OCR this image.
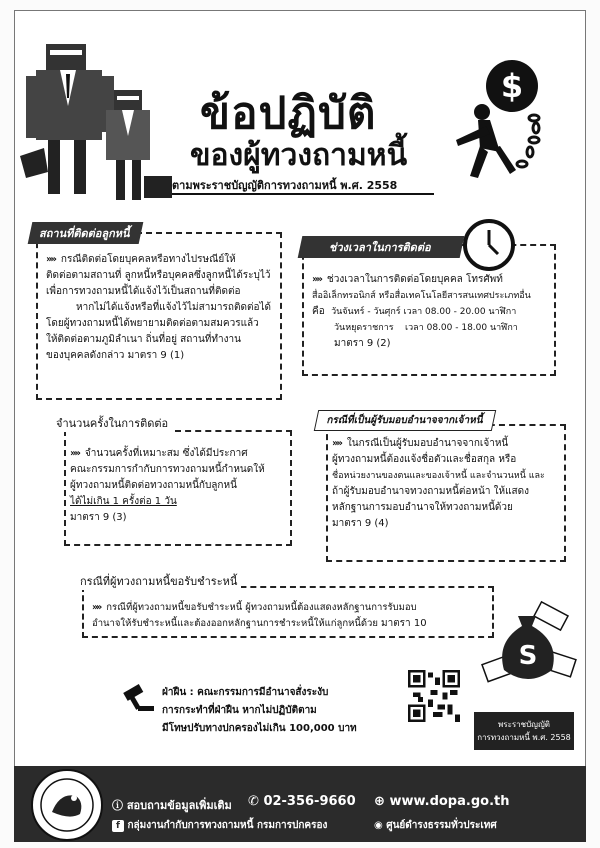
ข้อปฏิบัติ
ของผู้ทวงถามหนี้
ตามพระราชบัญญัติการทวงถามหนี้ พ.ศ. 2558
$
สถานที่ติดต่อลูกหนี้
»» กรณีติดต่อโดยบุคคลหรือทางไปรษณีย์ให้
ติดต่อตามสถานที่ ลูกหนี้หรือบุคคลซึ่งลูกหนี้ได้ระบุไว้
เพื่อการทวงถามหนี้ได้แจ้งไว้เป็นสถานที่ติดต่อ
หากไม่ได้แจ้งหรือที่แจ้งไว้ไม่สามารถติดต่อได้
โดยผู้ทวงถามหนี้ได้พยายามติดต่อตามสมควรแล้ว
ให้ติดต่อตามภูมิลำเนา ถิ่นที่อยู่ สถานที่ทำงาน
ของบุคคลดังกล่าว มาตรา 9 (1)
ช่วงเวลาในการติดต่อ
»» ช่วงเวลาในการติดต่อโดยบุคคล โทรศัพท์
สื่ออิเล็กทรอนิกส์ หรือสื่อเทคโนโลยีสารสนเทศประเภทอื่น
คือ วันจันทร์ - วันศุกร์ เวลา 08.00 - 20.00 นาฬิกา
วันหยุดราชการ เวลา 08.00 - 18.00 นาฬิกา
มาตรา 9 (2)
จำนวนครั้งในการติดต่อ
»» จำนวนครั้งที่เหมาะสม ซึ่งได้มีประกาศ
คณะกรรมการกำกับการทวงถามหนี้กำหนดให้
ผู้ทวงถามหนี้ติดต่อทวงถามหนี้กับลูกหนี้
ได้ไม่เกิน 1 ครั้งต่อ 1 วัน
มาตรา 9 (3)
กรณีที่เป็นผู้รับมอบอำนาจจากเจ้าหนี้
»» ในกรณีเป็นผู้รับมอบอำนาจจากเจ้าหนี้
ผู้ทวงถามหนี้ต้องแจ้งชื่อตัวและชื่อสกุล หรือ
ชื่อหน่วยงานของตนและของเจ้าหนี้ และจำนวนหนี้ และ
ถ้าผู้รับมอบอำนาจทวงถามหนี้ต่อหน้า ให้แสดง
หลักฐานการมอบอำนาจให้ทวงถามหนี้ด้วย
มาตรา 9 (4)
กรณีที่ผู้ทวงถามหนี้ขอรับชำระหนี้
»» กรณีที่ผู้ทวงถามหนี้ขอรับชำระหนี้ ผู้ทวงถามหนี้ต้องแสดงหลักฐานการรับมอบ
อำนาจให้รับชำระหนี้และต้องออกหลักฐานการชำระหนี้ให้แก่ลูกหนี้ด้วย มาตรา 10
S
ฝ่าฝืน : คณะกรรมการมีอำนาจสั่งระงับ
การกระทำที่ฝ่าฝืน หากไม่ปฏิบัติตาม
มีโทษปรับทางปกครองไม่เกิน 100,000 บาท	พระราชบัญญัติ
การทวงถามหนี้ พ.ศ. 2558
ⓘ สอบถามข้อมูลเพิ่มเติม ✆ 02-356-9660 ⊕ www.dopa.go.th
f กลุ่มงานกำกับการทวงถามหนี้ กรมการปกครอง	◉ ศูนย์ดำรงธรรมทั่วประเทศ
